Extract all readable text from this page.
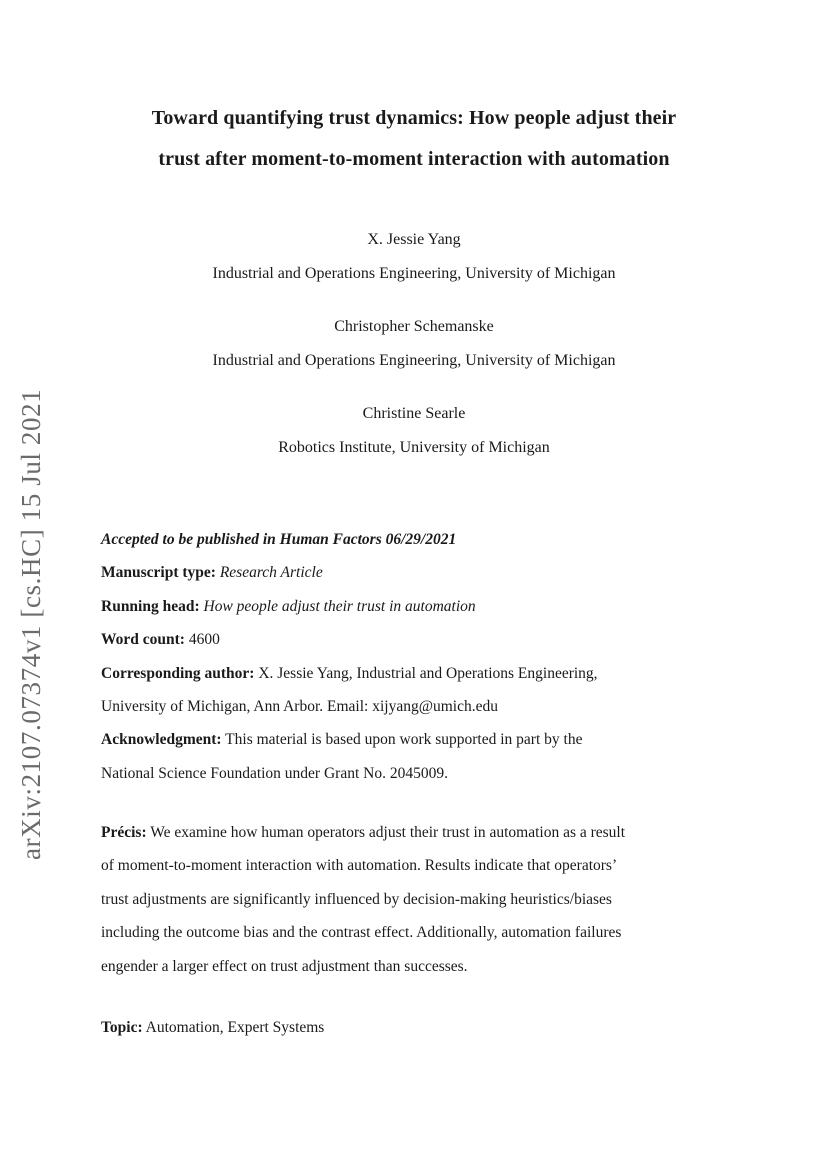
arXiv:2107.07374v1 [cs.HC] 15 Jul 2021
Toward quantifying trust dynamics: How people adjust their
trust after moment-to-moment interaction with automation
X. Jessie Yang
Industrial and Operations Engineering, University of Michigan
Christopher Schemanske
Industrial and Operations Engineering, University of Michigan
Christine Searle
Robotics Institute, University of Michigan

Accepted to be published in Human Factors 06/29/2021

Manuscript type: Research Article

Running head: How people adjust their trust in automation

Word count: 4600

Corresponding author: X. Jessie Yang, Industrial and Operations Engineering,

University of Michigan, Ann Arbor. Email: xijyang@umich.edu

Acknowledgment: This material is based upon work supported in part by the

National Science Foundation under Grant No. 2045009.

Précis: We examine how human operators adjust their trust in automation as a result

of moment-to-moment interaction with automation. Results indicate that operators’

trust adjustments are significantly influenced by decision-making heuristics/biases

including the outcome bias and the contrast effect. Additionally, automation failures

engender a larger effect on trust adjustment than successes.

Topic: Automation, Expert Systems
